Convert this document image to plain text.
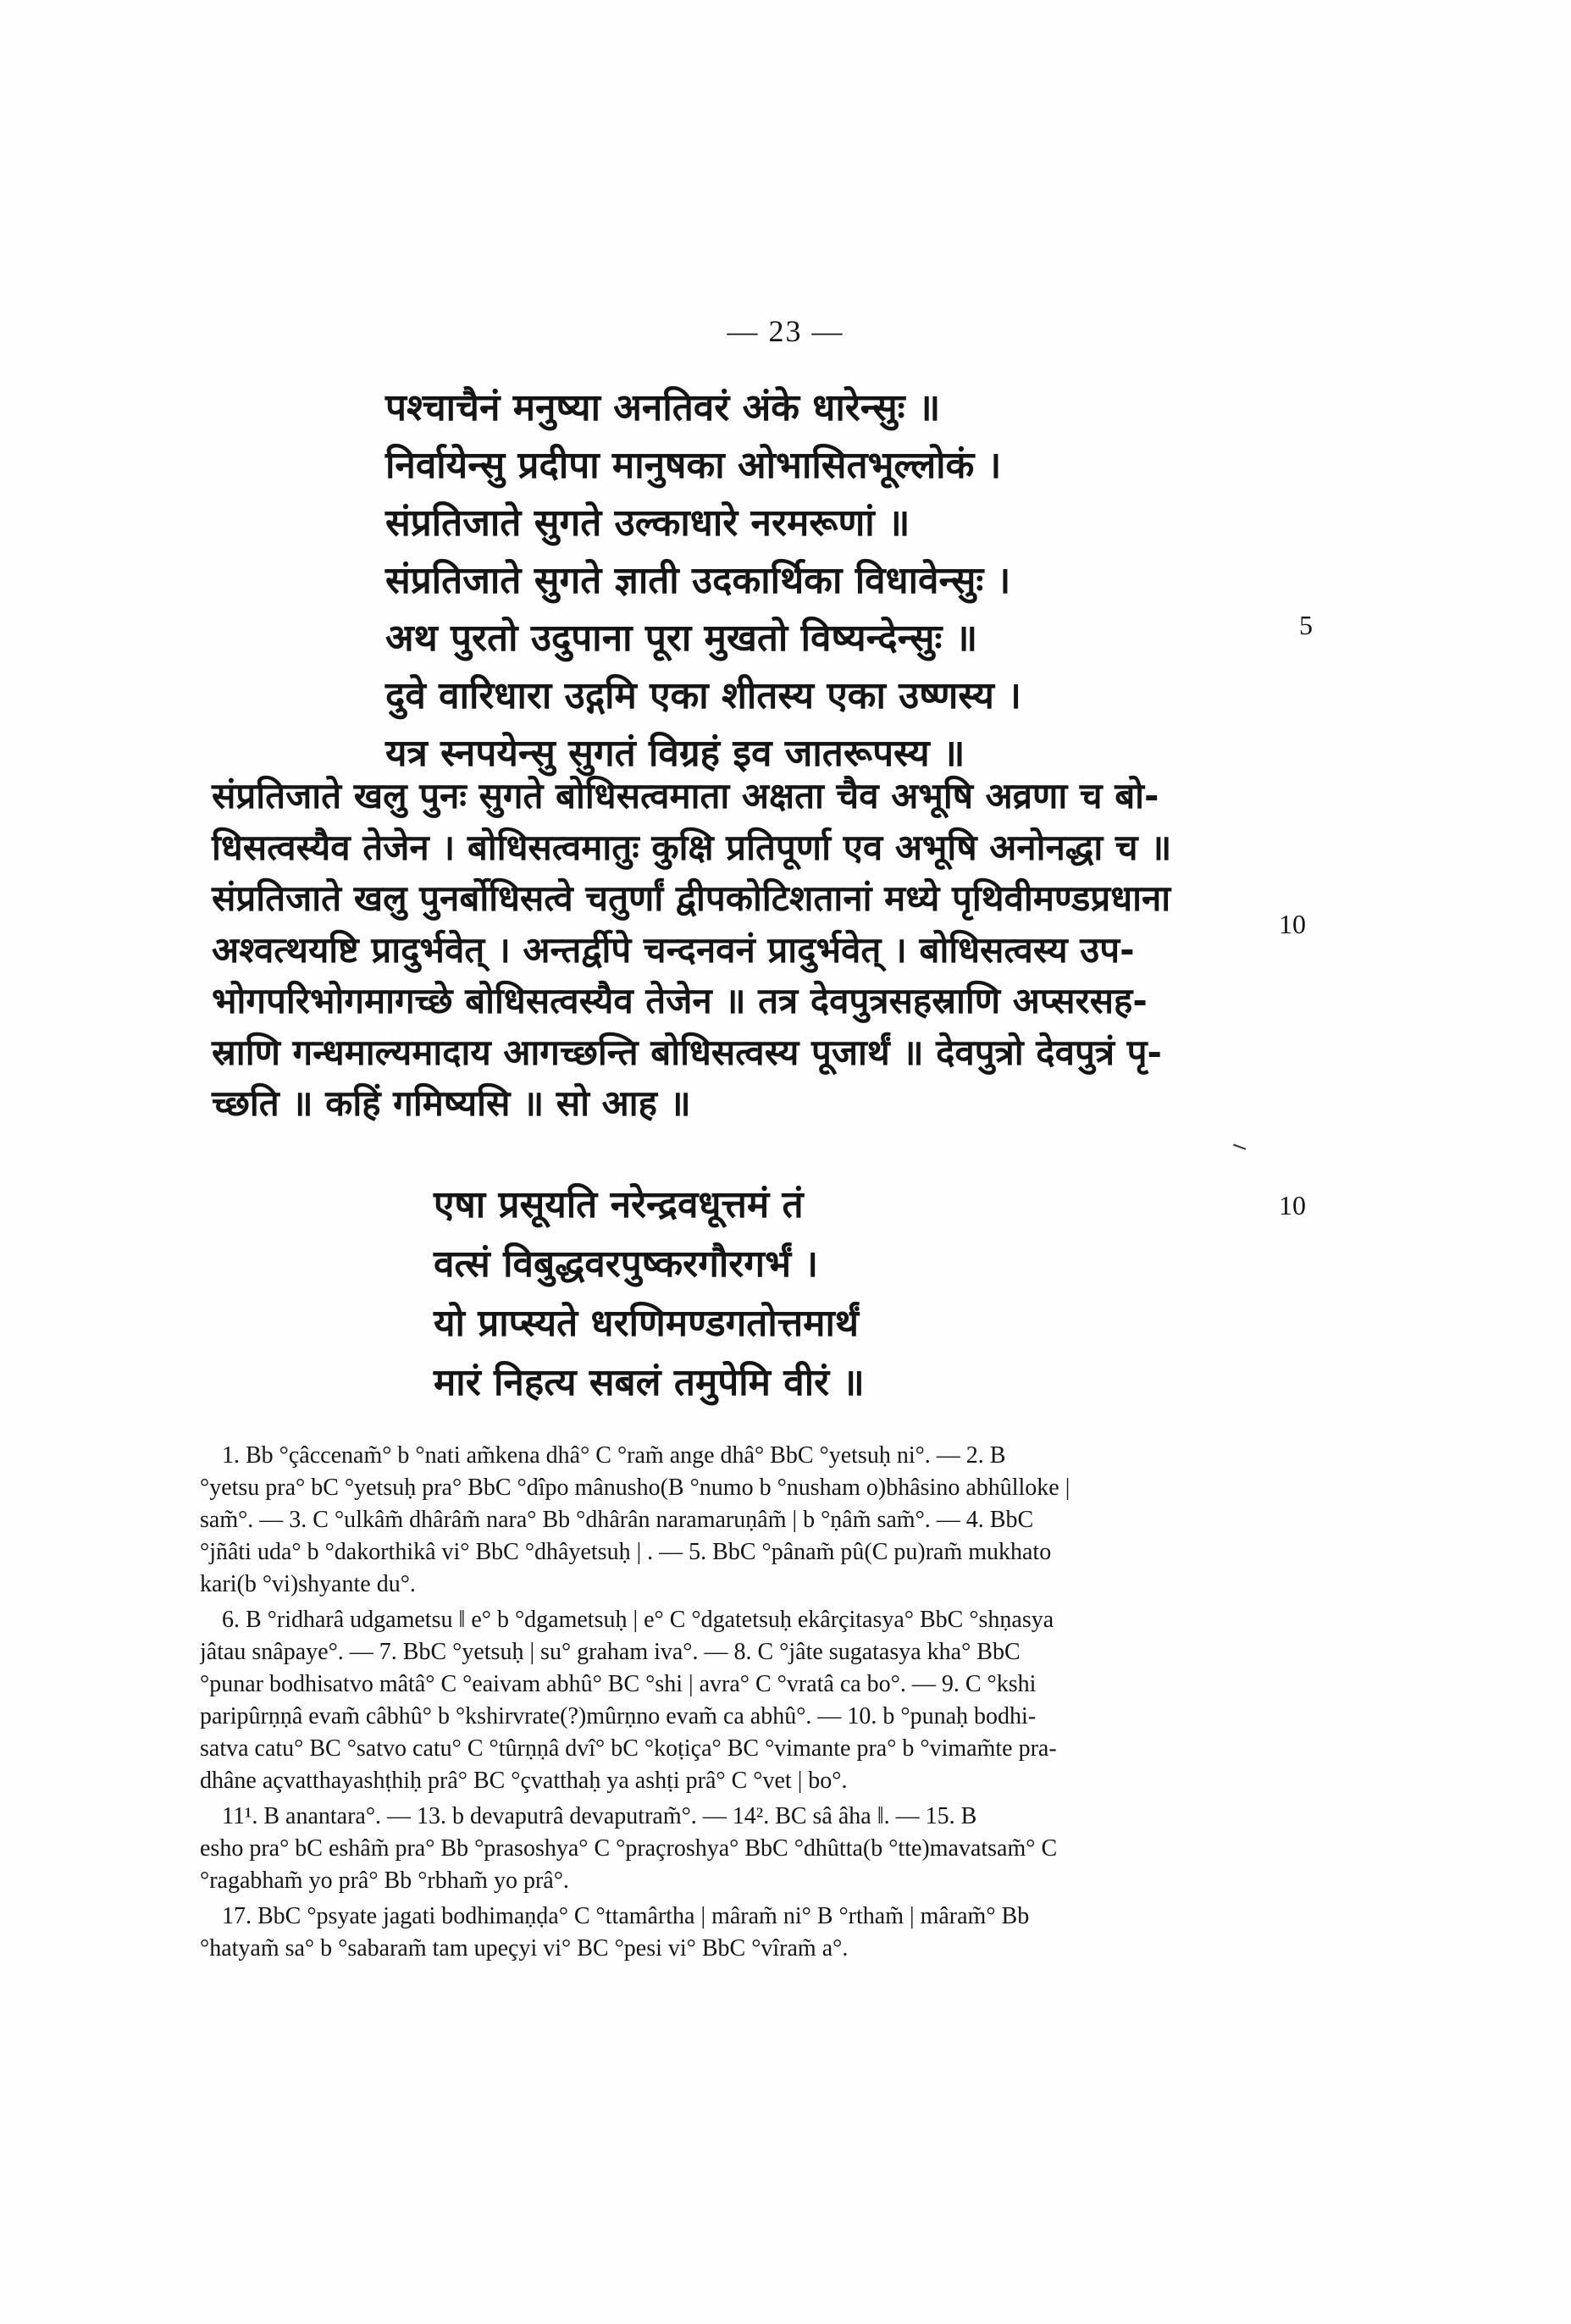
— 23 —
पश्चाचैनं मनुष्या अनतिवरं अंके धारेन्सुः ॥
निर्वायेन्सु प्रदीपा मानुषका ओभासितभूल्लोकं ।
संप्रतिजाते सुगते उल्काधारे नरमरूणां ॥
संप्रतिजाते सुगते ज्ञाती उदकार्थिका विधावेन्सुः ।
अथ पुरतो उदुपाना पूरा मुखतो विष्यन्देन्सुः ॥
दुवे वारिधारा उद्गमि एका शीतस्य एका उष्णस्य ।
यत्र स्नपयेन्सु सुगतं विग्रहं इव जातरूपस्य ॥
5
संप्रतिजाते खलु पुनः सुगते बोधिसत्वमाता अक्षता चैव अभूषि अव्रणा च बो-
धिसत्वस्यैव तेजेन । बोधिसत्वमातुः कुक्षि प्रतिपूर्णा एव अभूषि अनोनद्धा च ॥
संप्रतिजाते खलु पुनर्बोधिसत्वे चतुर्णां द्वीपकोटिशतानां मध्ये पृथिवीमण्डप्रधाना
अश्वत्थयष्टि प्रादुर्भवेत् । अन्तर्द्वीपे चन्दनवनं प्रादुर्भवेत् । बोधिसत्वस्य उप-
भोगपरिभोगमागच्छे बोधिसत्वस्यैव तेजेन ॥ तत्र देवपुत्रसहस्राणि अप्सरसह-
स्राणि गन्धमाल्यमादाय आगच्छन्ति बोधिसत्वस्य पूजार्थं ॥ देवपुत्रो देवपुत्रं पृ-
च्छति ॥ कहिं गमिष्यसि ॥ सो आह ॥
10
‾
एषा प्रसूयति नरेन्द्रवधूत्तमं तं
वत्सं विबुद्धवरपुष्करगौरगर्भं ।
यो प्राप्स्यते धरणिमण्डगतोत्तमार्थं
मारं निहत्य सबलं तमुपेमि वीरं ॥
10

1. Bb °çâccenam̃° b °nati am̃kena dhâ° C °ram̃ ange dhâ° BbC °yetsuḥ ni°. — 2. B
°yetsu pra° bC °yetsuḥ pra° BbC °dîpo mânusho(B °numo b °nusham o)bhâsino abhûlloke |
sam̃°. — 3. C °ulkâm̃ dhârâm̃ nara° Bb °dhârân naramaruṇâm̃ | b °ṇâm̃ sam̃°. — 4. BbC
°jñâti uda° b °dakorthikâ vi° BbC °dhâyetsuḥ | . — 5. BbC °pânam̃ pû(C pu)ram̃ mukhato
kari(b °vi)shyante du°.

6. B °ridharâ udgametsu ‖ e° b °dgametsuḥ | e° C °dgatetsuḥ ekârçitasya° BbC °shṇasya
jâtau snâpaye°. — 7. BbC °yetsuḥ | su° graham iva°. — 8. C °jâte sugatasya kha° BbC
°punar bodhisatvo mâtâ° C °eaivam abhû° BC °shi | avra° C °vratâ ca bo°. — 9. C °kshi
paripûrṇṇâ evam̃ câbhû° b °kshirvrate(?)mûrṇno evam̃ ca abhû°. — 10. b °punaḥ bodhi-
satva catu° BC °satvo catu° C °tûrṇṇâ dvî° bC °koṭiça° BC °vimante pra° b °vimam̃te pra-
dhâne açvatthayashṭhiḥ prâ° BC °çvatthaḥ ya ashṭi prâ° C °vet | bo°.

11¹. B anantara°. — 13. b devaputrâ devaputram̃°. — 14². BC sâ âha ‖. — 15. B
esho pra° bC eshâm̃ pra° Bb °prasoshya° C °praçroshya° BbC °dhûtta(b °tte)mavatsam̃° C
°ragabham̃ yo prâ° Bb °rbham̃ yo prâ°.

17. BbC °psyate jagati bodhimaṇḍa° C °ttamârtha | mâram̃ ni° B °rtham̃ | mâram̃° Bb
°hatyam̃ sa° b °sabaram̃ tam upeçyi vi° BC °pesi vi° BbC °vîram̃ a°.
